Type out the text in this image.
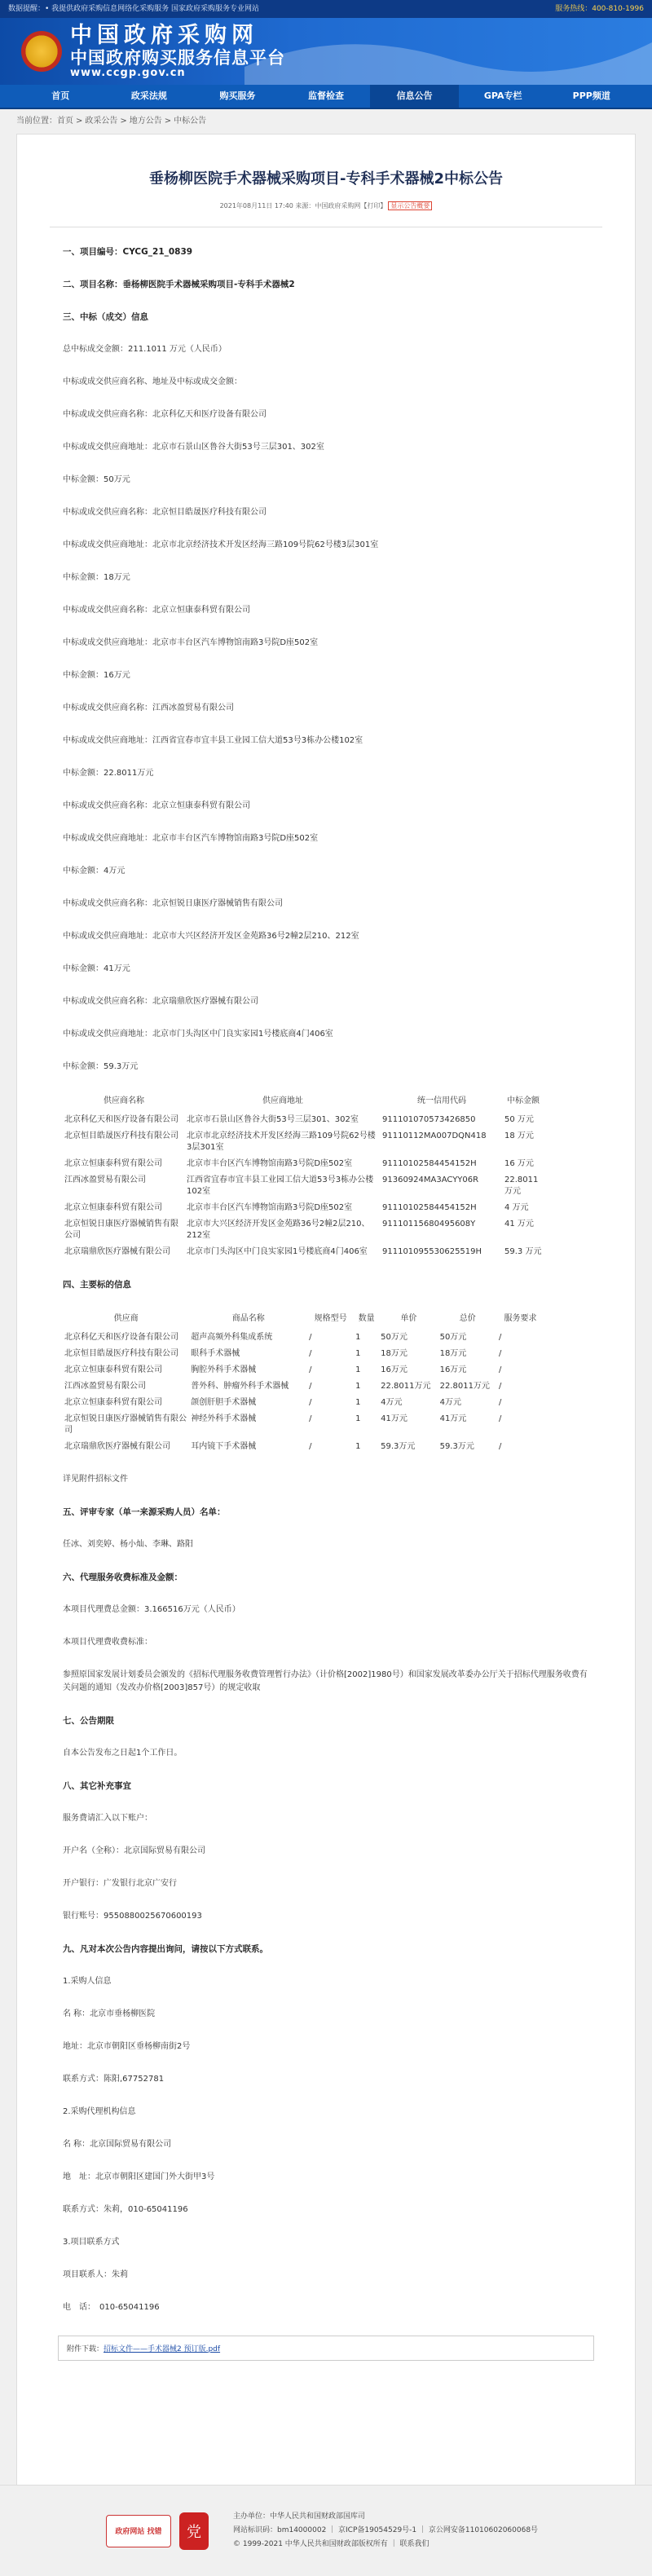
数据提醒：• 我提供政府采购信息网络化采购服务 国家政府采购服务专业网站	服务热线：400-810-1996
中国政府采购网
中国政府购买服务信息平台
www.ccgp.gov.cn
首页	政采法规	购买服务	监督检查	信息公告	GPA专栏	PPP频道
当前位置：首页 > 政采公告 > 地方公告 > 中标公告
垂杨柳医院手术器械采购项目-专科手术器械2中标公告
2021年08月11日 17:40 来源：中国政府采购网【打印】 显示公告概要
一、项目编号：CYCG_21_0839
二、项目名称：垂杨柳医院手术器械采购项目-专科手术器械2
三、中标（成交）信息
总中标成交金额：211.1011 万元（人民币）
中标或成交供应商名称、地址及中标或成交金额：
中标或成交供应商名称：北京科亿天和医疗设备有限公司
中标或成交供应商地址：北京市石景山区鲁谷大街53号三层301、302室
中标金额：50万元
中标或成交供应商名称：北京恒目皓晟医疗科技有限公司
中标或成交供应商地址：北京市北京经济技术开发区经海三路109号院62号楼3层301室
中标金额：18万元
中标或成交供应商名称：北京立恒康泰科贸有限公司
中标或成交供应商地址：北京市丰台区汽车博物馆南路3号院D座502室
中标金额：16万元
中标或成交供应商名称：江西冰盈贸易有限公司
中标或成交供应商地址：江西省宜春市宜丰县工业园工信大道53号3栋办公楼102室
中标金额：22.8011万元
中标或成交供应商名称：北京立恒康泰科贸有限公司
中标或成交供应商地址：北京市丰台区汽车博物馆南路3号院D座502室
中标金额：4万元
中标或成交供应商名称：北京恒锐日康医疗器械销售有限公司
中标或成交供应商地址：北京市大兴区经济开发区金苑路36号2幢2层210、212室
中标金额：41万元
中标或成交供应商名称：北京瑞鼎欣医疗器械有限公司
中标或成交供应商地址：北京市门头沟区中门良实家园1号楼底商4门406室
中标金额：59.3万元
供应商名称	供应商地址	统一信用代码	中标金额
北京科亿天和医疗设备有限公司	北京市石景山区鲁谷大街53号三层301、302室	911101070573426850	50 万元
北京恒目皓晟医疗科技有限公司	北京市北京经济技术开发区经海三路109号院62号楼3层301室	91110112MA007DQN418	18 万元
北京立恒康泰科贸有限公司	北京市丰台区汽车博物馆南路3号院D座502室	91110102584454152H	16 万元
江西冰盈贸易有限公司	江西省宜春市宜丰县工业园工信大道53号3栋办公楼102室	91360924MA3ACYY06R	22.8011 万元
北京立恒康泰科贸有限公司	北京市丰台区汽车博物馆南路3号院D座502室	91110102584454152H	4 万元
北京恒锐日康医疗器械销售有限公司	北京市大兴区经济开发区金苑路36号2幢2层210、212室	91110115680495608Y	41 万元
北京瑞鼎欣医疗器械有限公司	北京市门头沟区中门良实家园1号楼底商4门406室	911101095530625519H	59.3 万元
四、主要标的信息
供应商	商品名称	规格型号	数量	单价	总价	服务要求
北京科亿天和医疗设备有限公司	超声高频外科集成系统	/	1	50万元	50万元	/
北京恒目皓晟医疗科技有限公司	眼科手术器械	/	1	18万元	18万元	/
北京立恒康泰科贸有限公司	胸腔外科手术器械	/	1	16万元	16万元	/
江西冰盈贸易有限公司	普外科、肿瘤外科手术器械	/	1	22.8011万元	22.8011万元	/
北京立恒康泰科贸有限公司	颌创肝胆手术器械	/	1	4万元	4万元	/
北京恒锐日康医疗器械销售有限公司	神经外科手术器械	/	1	41万元	41万元	/
北京瑞鼎欣医疗器械有限公司	耳内镜下手术器械	/	1	59.3万元	59.3万元	/
详见附件招标文件
五、评审专家（单一来源采购人员）名单：
任冰、刘奕婷、杨小灿、李琳、路阳
六、代理服务收费标准及金额：
本项目代理费总金额：3.166516万元（人民币）
本项目代理费收费标准：
参照原国家发展计划委员会颁发的《招标代理服务收费管理暂行办法》（计价格[2002]1980号）和国家发展改革委办公厅关于招标代理服务收费有关问题的通知（发改办价格[2003]857号）的规定收取
七、公告期限
自本公告发布之日起1个工作日。
八、其它补充事宜
服务费请汇入以下账户：
开户名（全称）：北京国际贸易有限公司
开户银行：广发银行北京广安行
银行账号：9550880025670600193
九、凡对本次公告内容提出询问，请按以下方式联系。
1.采购人信息
名 称：北京市垂杨柳医院
地址：北京市朝阳区垂杨柳南街2号
联系方式：陈阳,67752781
2.采购代理机构信息
名 称：北京国际贸易有限公司
地　址：北京市朝阳区建国门外大街甲3号
联系方式：朱莉，010-65041196
3.项目联系方式
项目联系人：朱莉
电　话：　010-65041196
附件下载：招标文件——手术器械2 预订版.pdf
政府网站 找错	党
主办单位：中华人民共和国财政部国库司
网站标识码：bm14000002 ｜ 京ICP备19054529号-1 ｜ 京公网安备11010602060068号
© 1999-2021 中华人民共和国财政部版权所有 ｜ 联系我们
